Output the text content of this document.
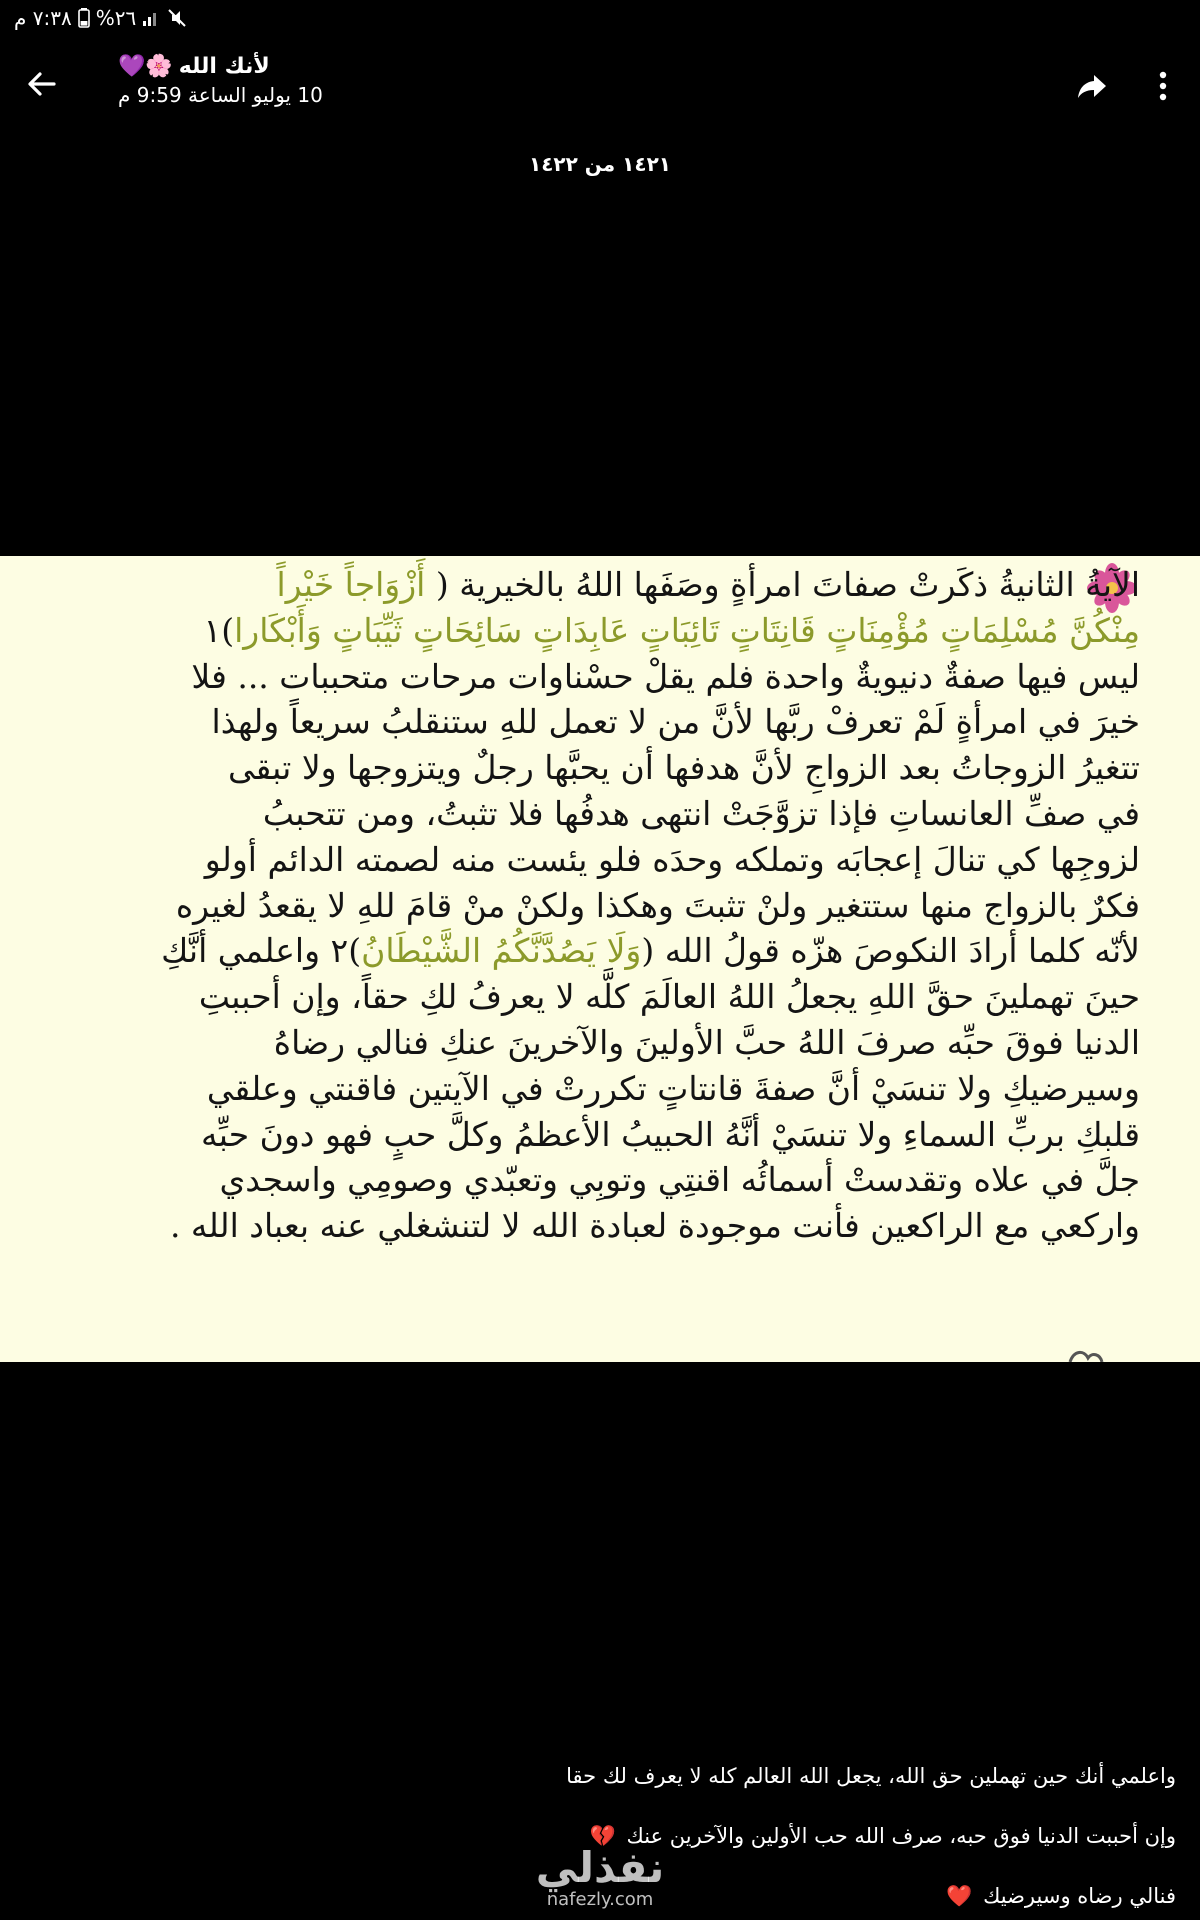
٧:٣٨ م %٢٦
لأنك الله
🌸💜
10 يوليو الساعة 9:59 م
١٤٢١ من ١٤٢٢
الآيةُ الثانيةُ ذكَرتْ صفاتَ امرأةٍ وصَفَها اللهُ بالخيرية ( أَزْوَاجاً خَيْراً
مِنْكُنَّ مُسْلِمَاتٍ مُؤْمِنَاتٍ قَانِتَاتٍ تَائِبَاتٍ عَابِدَاتٍ سَائِحَاتٍ ثَيِّبَاتٍ وَأَبْكَارا)١
ليس فيها صفةٌ دنيويةٌ واحدة فلم يقلْ حسْناوات مرحات متحببات ... فلا
خيرَ في امرأةٍ لَمْ تعرفْ ربَّها لأنَّ من لا تعمل للهِ ستنقلبُ سريعاً ولهذا
تتغيرُ الزوجاتُ بعد الزواجِ لأنَّ هدفها أن يحبَّها رجلٌ ويتزوجها ولا تبقى
في صفِّ العانساتِ فإذا تزوَّجَتْ انتهى هدفُها فلا تثبتُ، ومن تتحببُ
لزوجِها كي تنالَ إعجابَه وتملكه وحدَه فلو يئست منه لصمته الدائم أولو
فكرٌ بالزواج منها ستتغير ولنْ تثبتَ وهكذا ولكنْ منْ قامَ للهِ لا يقعدُ لغيره
لأنّه كلما أرادَ النكوصَ هزّه قولُ الله (وَلَا يَصُدَّنَّكُمُ الشَّيْطَانُ)٢ واعلمي أنَّكِ
حينَ تهملينَ حقَّ اللهِ يجعلُ اللهُ العالَمَ كلَّه لا يعرفُ لكِ حقاً، وإن أحببتِ
الدنيا فوقَ حبِّه صرفَ اللهُ حبَّ الأولينَ والآخرينَ عنكِ فنالي رضاهُ
وسيرضيكِ ولا تنسَيْ أنَّ صفةَ قانتاتٍ تكررتْ في الآيتين فاقنتي وعلقي
قلبكِ بربِّ السماءِ ولا تنسَيْ أنَّهُ الحبيبُ الأعظمُ وكلَّ حبٍ فهو دونَ حبِّه
جلَّ في علاه وتقدستْ أسمائُه اقنتِي وتوبِي وتعبّدي وصومِي واسجدي
واركعي مع الراكعين فأنت موجودة لعبادة الله لا لتنشغلي عنه بعباد الله .
واعلمي أنك حين تهملين حق الله، يجعل الله العالم كله لا يعرف لك حقا
وإن أحببت الدنيا فوق حبه، صرف الله حب الأولين والآخرين عنك 💔
فنالي رضاه وسيرضيك ❤️
نفذلي
nafezly.com
